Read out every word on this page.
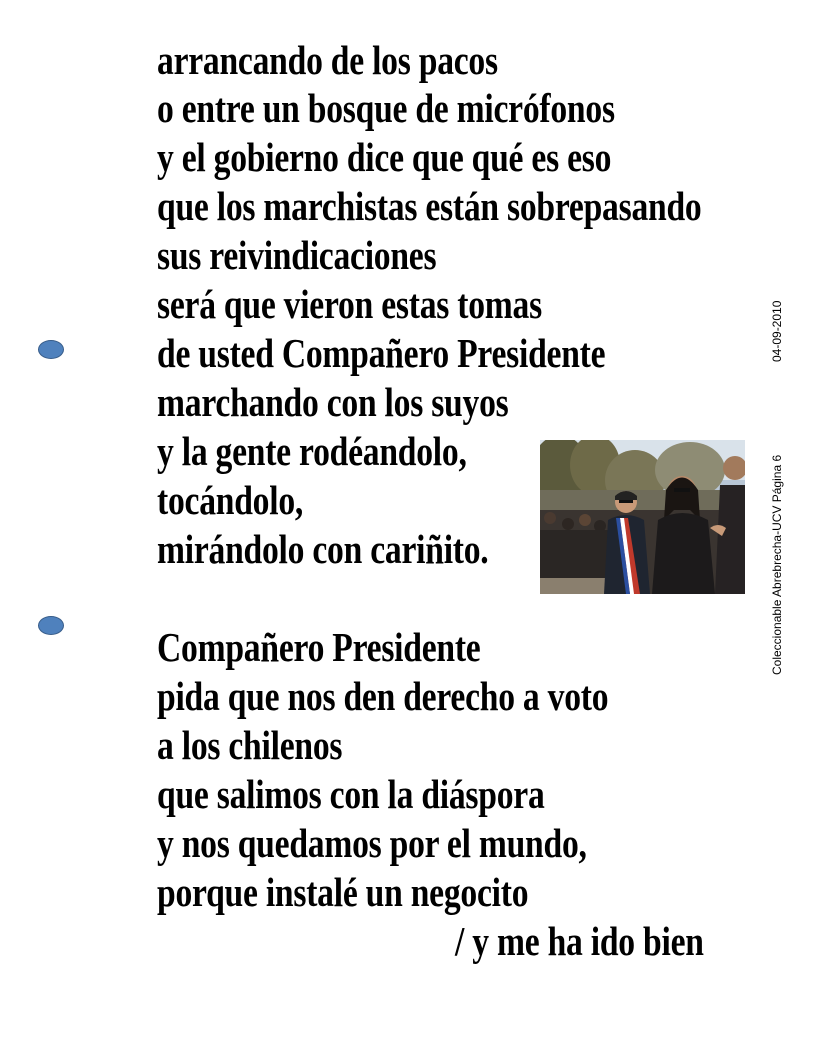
arrancando de los pacos
o entre un bosque de micrófonos
y el gobierno dice que qué es eso
que los marchistas están sobrepasando
sus reivindicaciones
será que vieron estas tomas
de usted Compañero Presidente
marchando con los suyos
y la gente rodéandolo,
tocándolo,
mirándolo con cariñito.
Compañero Presidente
pida que nos den derecho a voto
a los chilenos
que salimos con la diáspora
y nos quedamos por el mundo,
porque instalé un negocito
/ y me ha ido bien
04-09-2010
Coleccionable Abrebrecha-UCV Página 6
